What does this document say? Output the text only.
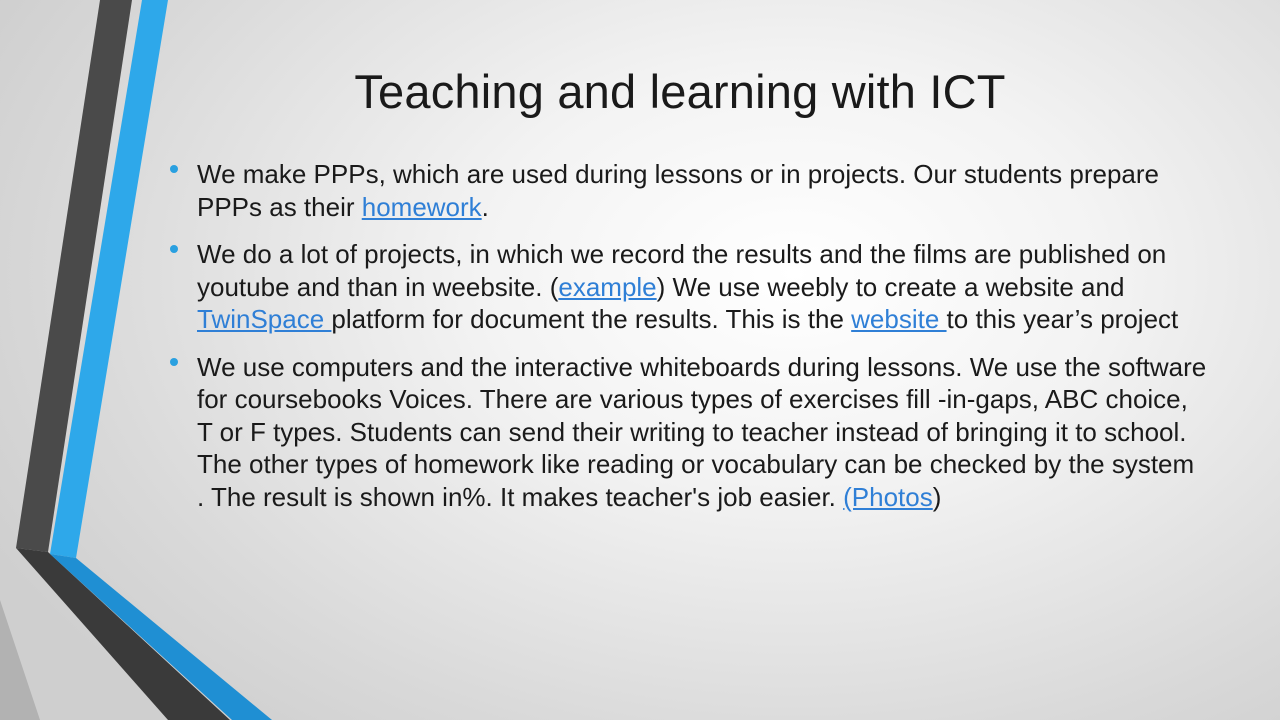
Teaching and learning with ICT
We make PPPs, which are used during lessons or in projects. Our students prepare PPPs as their homework.
We do a lot of projects, in which we record the results and the films are published on youtube and than in weebsite. (example) We use weebly to create a website and TwinSpace platform for document the results. This is the website to this year’s project
We use computers and the interactive whiteboards during lessons. We use the software for coursebooks Voices. There are various types of exercises fill -in-gaps, ABC choice, T or F types. Students can send their writing to teacher instead of bringing it to school. The other types of homework like reading or vocabulary can be checked by the system . The result is shown in%. It makes teacher's job easier. (Photos)
